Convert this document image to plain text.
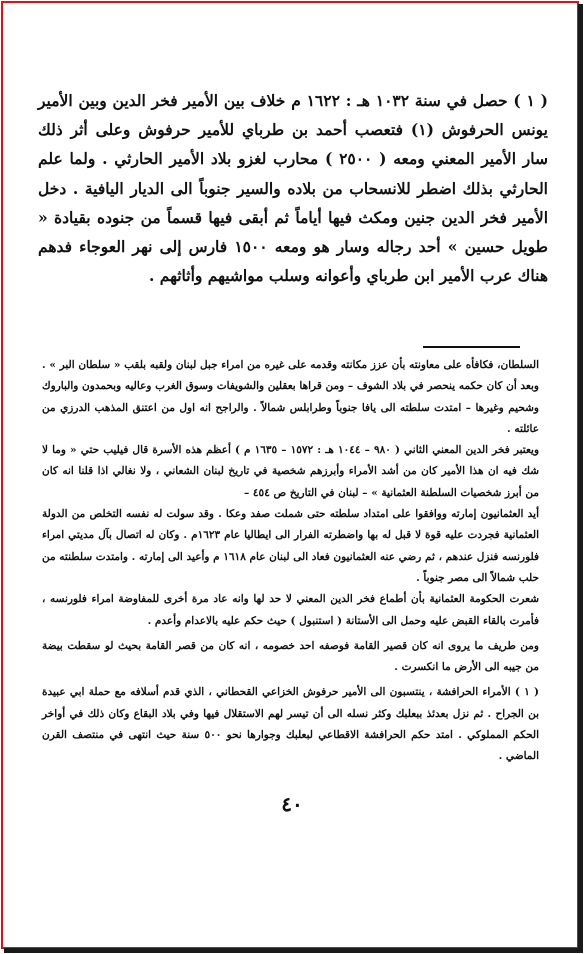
( ١ ) حصل في سنة ١٠٣٢ هـ : ١٦٢٢ م خلاف بين الأمير فخر الدين وبين الأمير يونس الحرفوش (١) فتعصب أحمد بن طرباي للأمير حرفوش وعلى أثر ذلك سار الأمير المعني ومعه ( ٢٥٠٠ ) محارب لغزو بلاد الأمير الحارثي . ولما علم الحارثي بذلك اضطر للانسحاب من بلاده والسير جنوباً الى الديار اليافية . دخل الأمير فخر الدين جنين ومكث فيها أياماً ثم أبقى فيها قسماً من جنوده بقيادة « طويل حسين » أحد رجاله وسار هو ومعه ١٥٠٠ فارس إلى نهر العوجاء فدهم هناك عرب الأمير ابن طرباي وأعوانه وسلب مواشيهم وأثاثهم .

السلطان، فكافأه على معاونته بأن عزز مكانته وقدمه على غيره من امراء جبل لبنان ولقبه بلقب « سلطان البر » . وبعد أن كان حكمه ينحصر في بلاد الشوف – ومن قراها بعقلين والشويفات وسوق الغرب وعاليه وبحمدون والباروك وشحيم وغيرها – امتدت سلطته الى يافا جنوباً وطرابلس شمالاً . والراجح انه اول من اعتنق المذهب الدرزي من عائلته .

ويعتبر فخر الدين المعني الثاني ( ٩٨٠ – ١٠٤٤ هـ : ١٥٧٢ – ١٦٣٥ م ) أعظم هذه الأسرة قال فيليب حتي « وما لا شك فيه ان هذا الأمير كان من أشد الأمراء وأبرزهم شخصية في تاريخ لبنان الشعاني ، ولا نغالي اذا قلنا انه كان من أبرز شخصيات السلطنة العثمانية » – لبنان في التاريخ ص ٤٥٤ –

أيد العثمانيون إمارته ووافقوا على امتداد سلطته حتى شملت صفد وعكا . وقد سولت له نفسه التخلص من الدولة العثمانية فجردت عليه قوة لا قبل له بها واضطرته الفرار الى ايطاليا عام ١٦٢٣م . وكان له اتصال بآل مديتي امراء فلورنسه فنزل عندهم ، ثم رضي عنه العثمانيون فعاد الى لبنان عام ١٦١٨ م وأعيد الى إمارته . وامتدت سلطنته من حلب شمالاً الى مصر جنوباً .

شعرت الحكومة العثمانية بأن أطماع فخر الدين المعني لا حد لها وانه عاد مرة أخرى للمفاوضة امراء فلورنسه ، فأمرت بالقاء القبض عليه وحمل الى الأستانة ( استنبول ) حيث حكم عليه بالاعدام وأعدم .

ومن طريف ما يروى انه كان قصير القامة فوصفه احد خصومه ، انه كان من قصر القامة بحيث لو سقطت بيضة من جيبه الى الأرض ما انكسرت .

( ١ ) الأمراء الحرافشة ، ينتسبون الى الأمير حرفوش الخزاعي القحطاني ، الذي قدم أسلافه مع حملة ابي عبيدة بن الجراح . ثم نزل بعدئذ ببعلبك وكثر نسله الى أن تيسر لهم الاستقلال فيها وفي بلاد البقاع وكان ذلك في أواخر الحكم المملوكي . امتد حكم الحرافشة الاقطاعي لبعلبك وجوارها نحو ٥٠٠ سنة حيث انتهى في منتصف القرن الماضي .

٤٠
